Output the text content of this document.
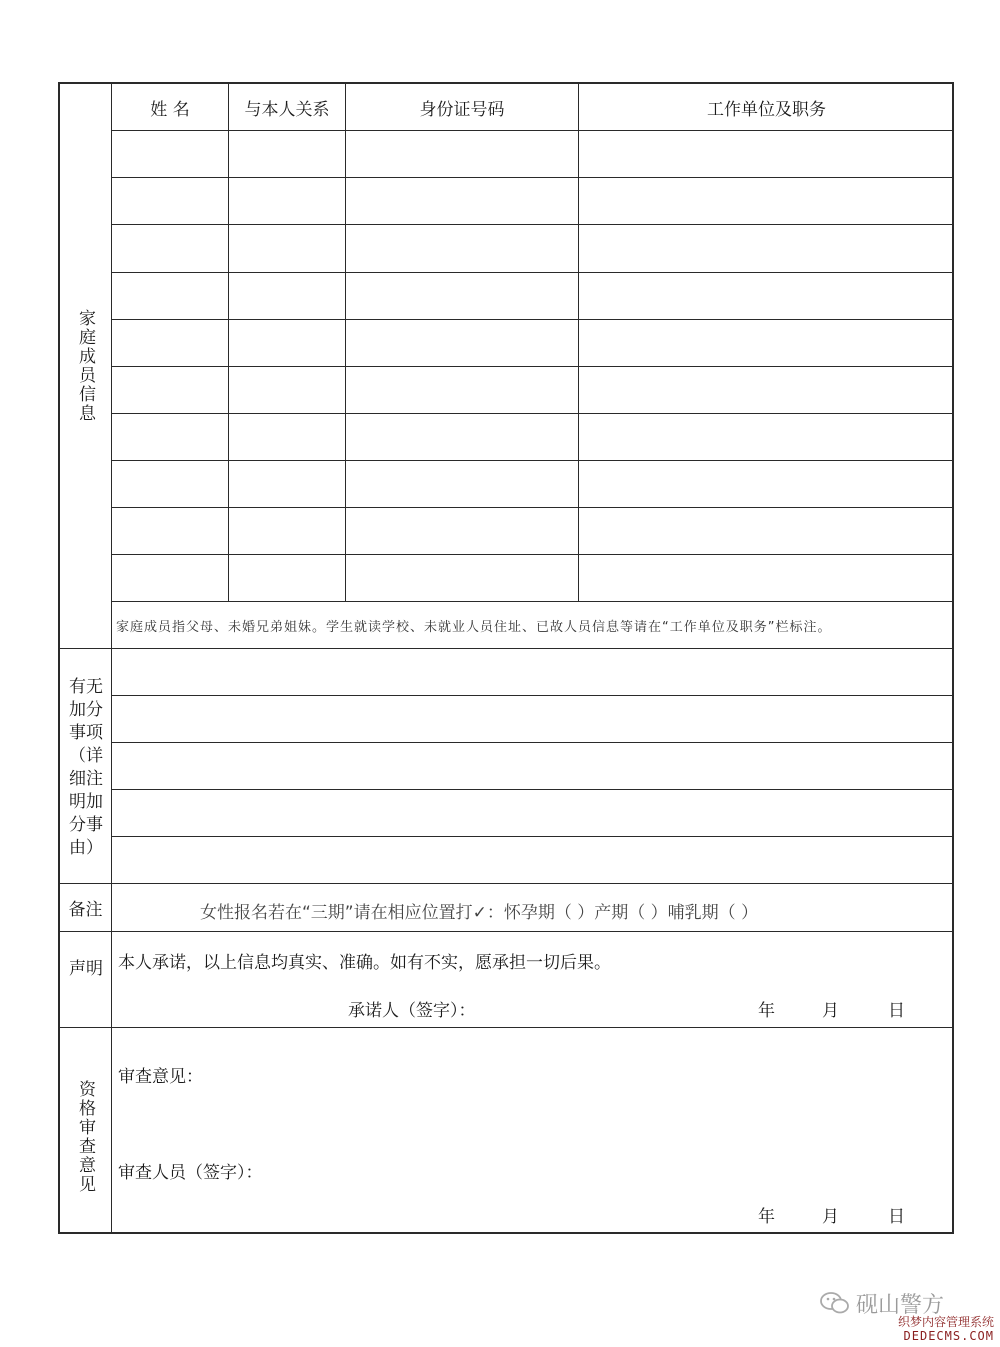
家庭成员信息
姓 名	与本人关系	身份证号码	工作单位及职务
家庭成员指父母、未婚兄弟姐妹。学生就读学校、未就业人员住址、已故人员信息等请在“工作单位及职务”栏标注。
有无加分事项（详细注明加分事由）
备注	女性报名若在“三期”请在相应位置打✓：怀孕期（ ）产期（ ）哺乳期（ ）
声明 本人承诺，以上信息均真实、准确。如有不实，愿承担一切后果。
承诺人（签字）：	年	月	日
资格审查意见
审查意见：
审查人员（签字）：
年	月	日
砚山警方
织梦内容管理系统
DEDECMS.COM
